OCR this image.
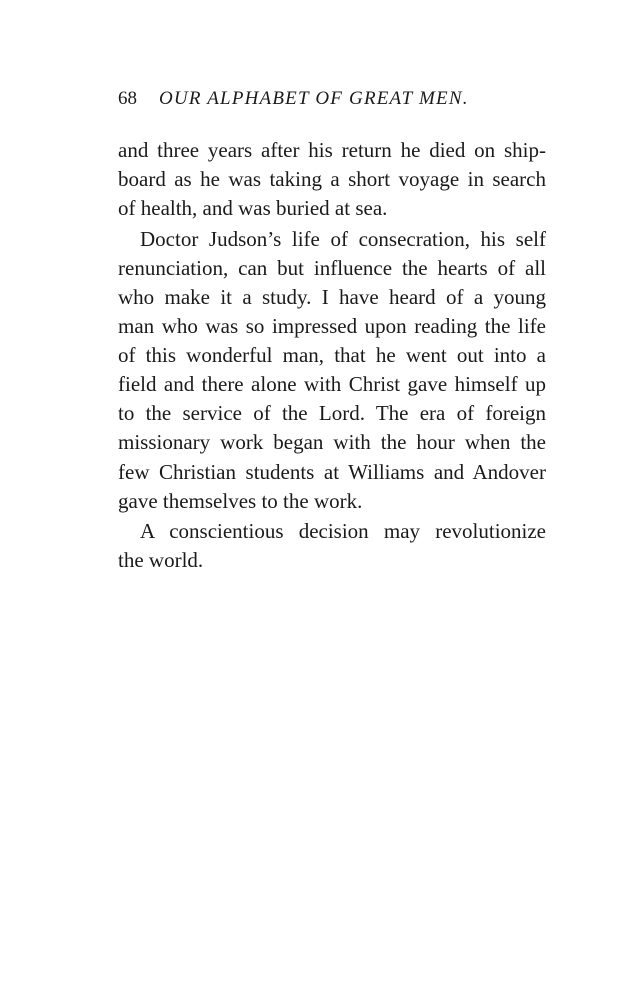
68 OUR ALPHABET OF GREAT MEN.
and three years after his return he died on ship-
board as he was taking a short voyage in search
of health, and was buried at sea.
Doctor Judson’s life of consecration, his self
renunciation, can but influence the hearts of all
who make it a study. I have heard of a young
man who was so impressed upon reading the life
of this wonderful man, that he went out into a
field and there alone with Christ gave himself up
to the service of the Lord. The era of foreign
missionary work began with the hour when the
few Christian students at Williams and Andover
gave themselves to the work.
A conscientious decision may revolutionize
the world.
